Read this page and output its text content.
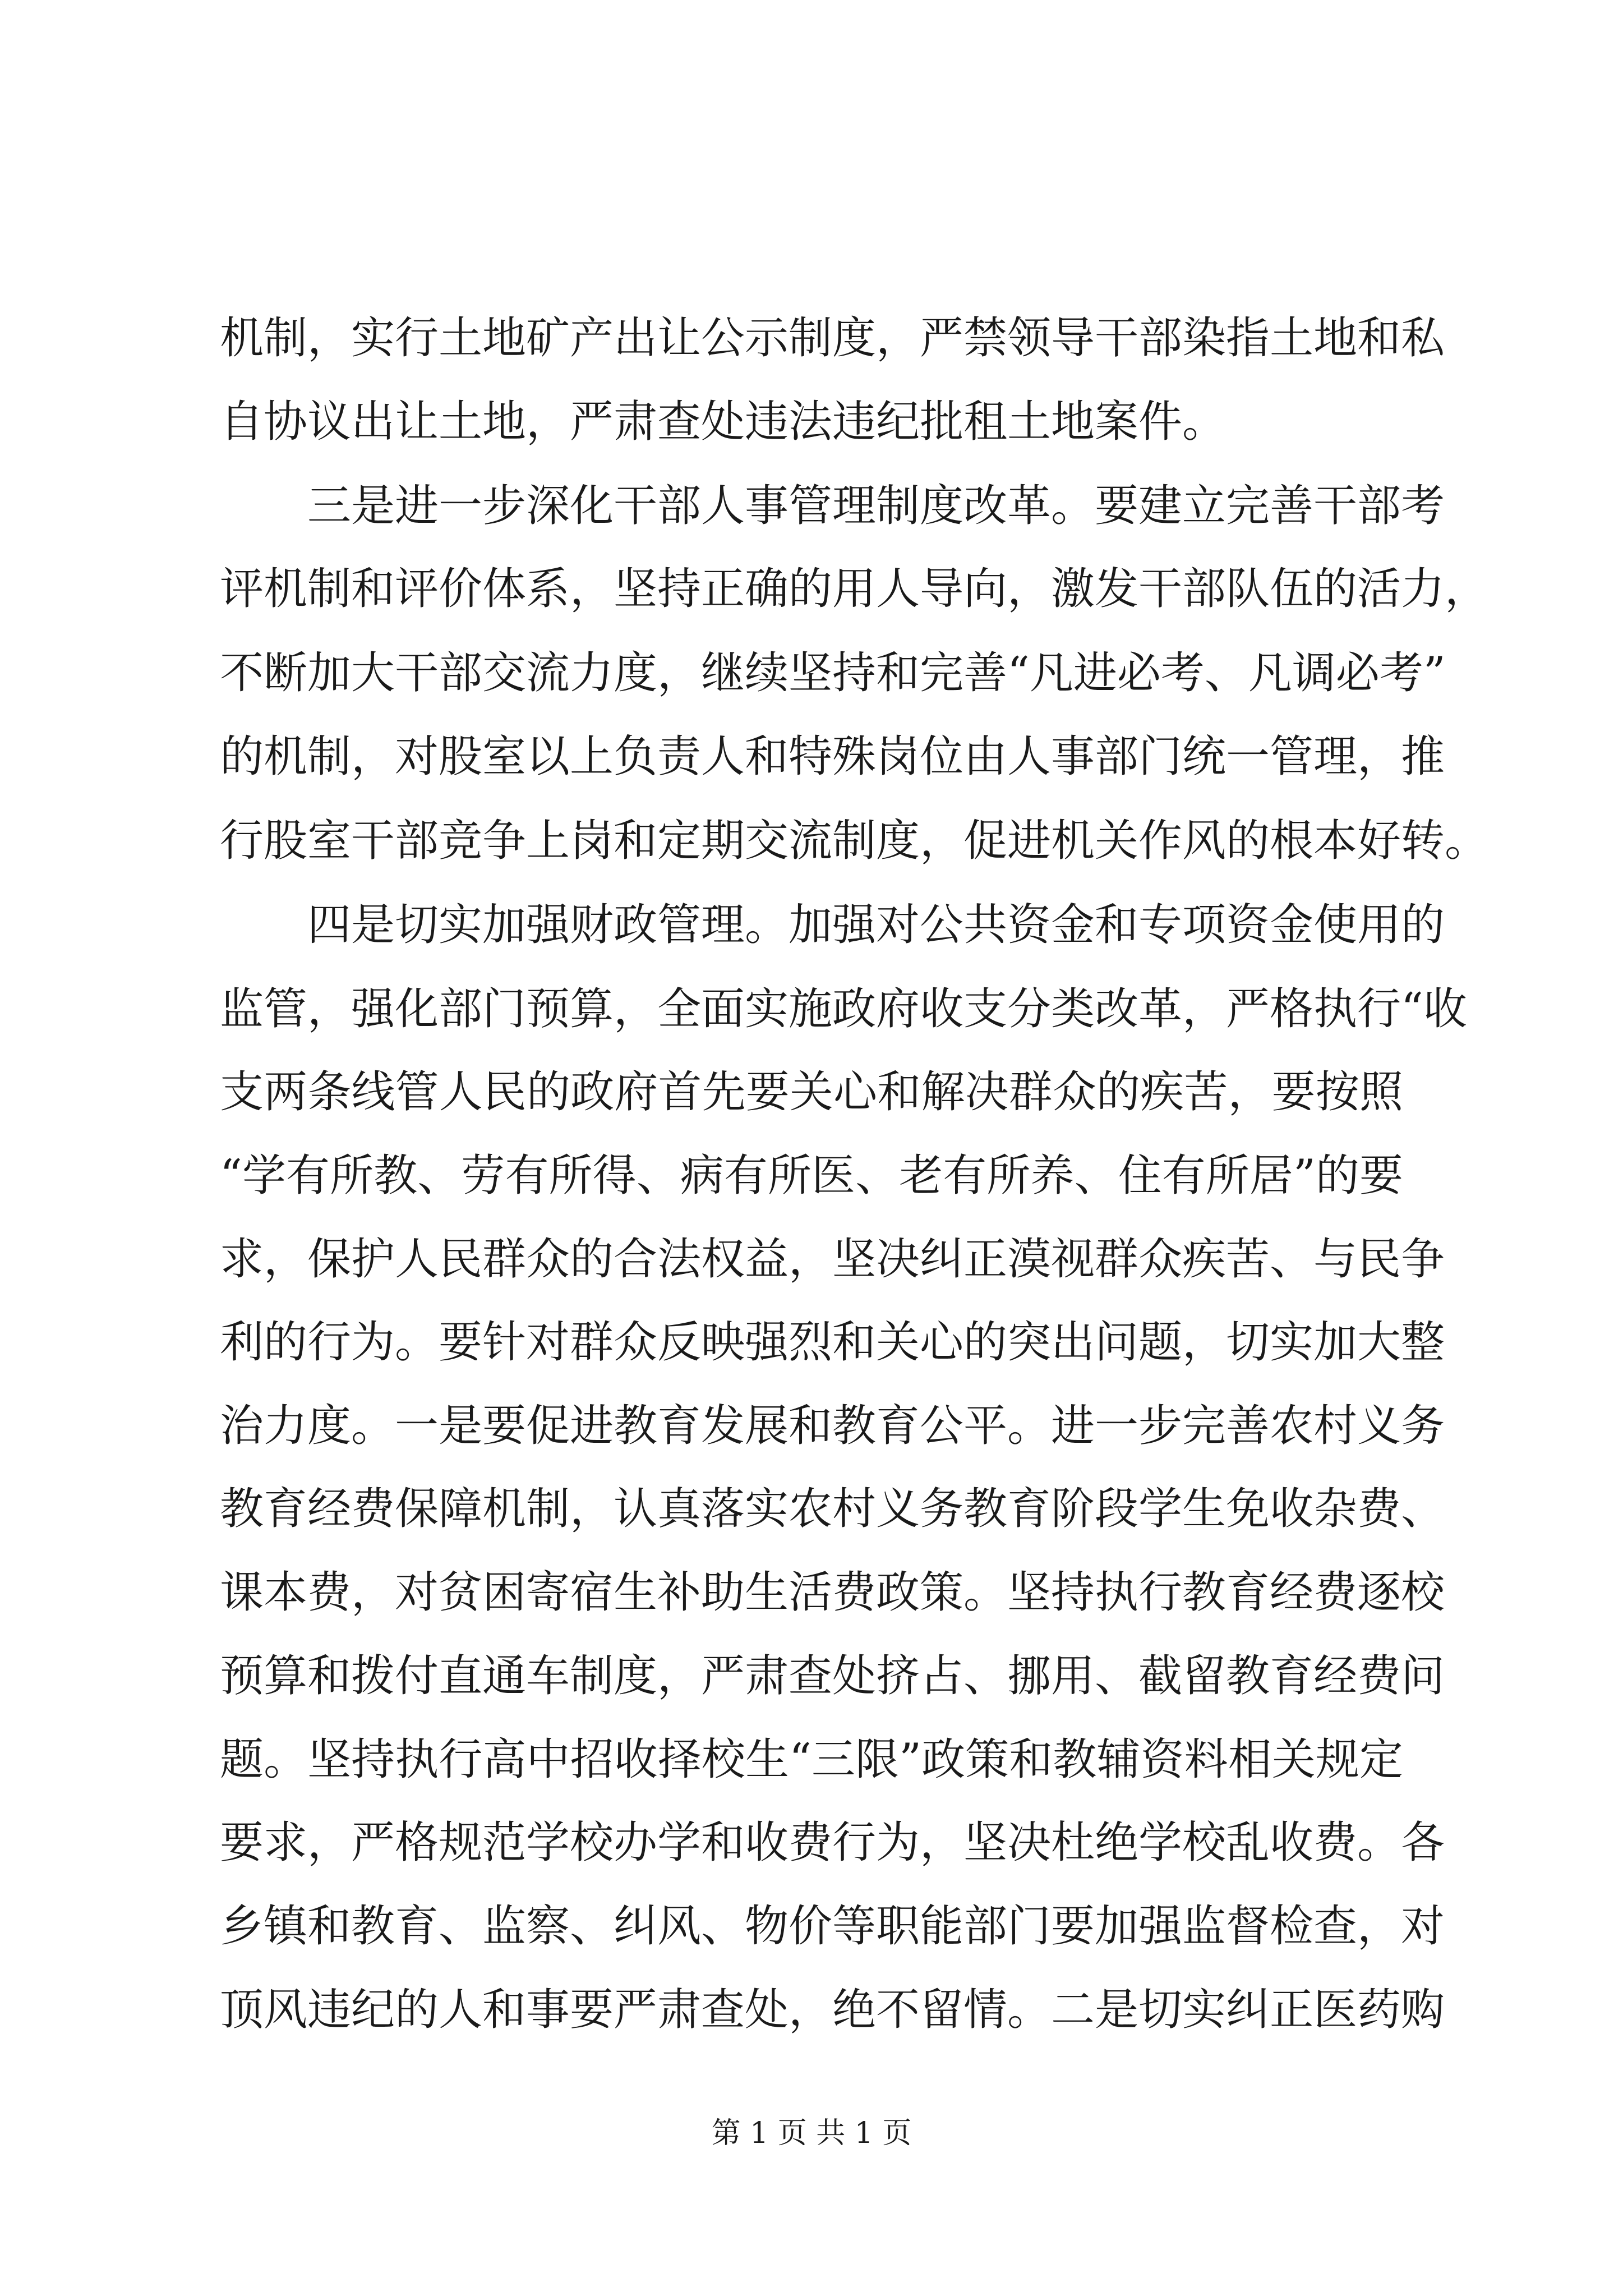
机制，实行土地矿产出让公示制度，严禁领导干部染指土地和私
自协议出让土地，严肃查处违法违纪批租土地案件。
三是进一步深化干部人事管理制度改革。要建立完善干部考
评机制和评价体系，坚持正确的用人导向，激发干部队伍的活力，
不断加大干部交流力度，继续坚持和完善“凡进必考、凡调必考”
的机制，对股室以上负责人和特殊岗位由人事部门统一管理，推
行股室干部竞争上岗和定期交流制度，促进机关作风的根本好转。
四是切实加强财政管理。加强对公共资金和专项资金使用的
监管，强化部门预算，全面实施政府收支分类改革，严格执行“收
支两条线管人民的政府首先要关心和解决群众的疾苦，要按照
“学有所教、劳有所得、病有所医、老有所养、住有所居”的要
求，保护人民群众的合法权益，坚决纠正漠视群众疾苦、与民争
利的行为。要针对群众反映强烈和关心的突出问题，切实加大整
治力度。一是要促进教育发展和教育公平。进一步完善农村义务
教育经费保障机制，认真落实农村义务教育阶段学生免收杂费、
课本费，对贫困寄宿生补助生活费政策。坚持执行教育经费逐校
预算和拨付直通车制度，严肃查处挤占、挪用、截留教育经费问
题。坚持执行高中招收择校生“三限”政策和教辅资料相关规定
要求，严格规范学校办学和收费行为，坚决杜绝学校乱收费。各
乡镇和教育、监察、纠风、物价等职能部门要加强监督检查，对
顶风违纪的人和事要严肃查处，绝不留情。二是切实纠正医药购
第 1 页 共 1 页
